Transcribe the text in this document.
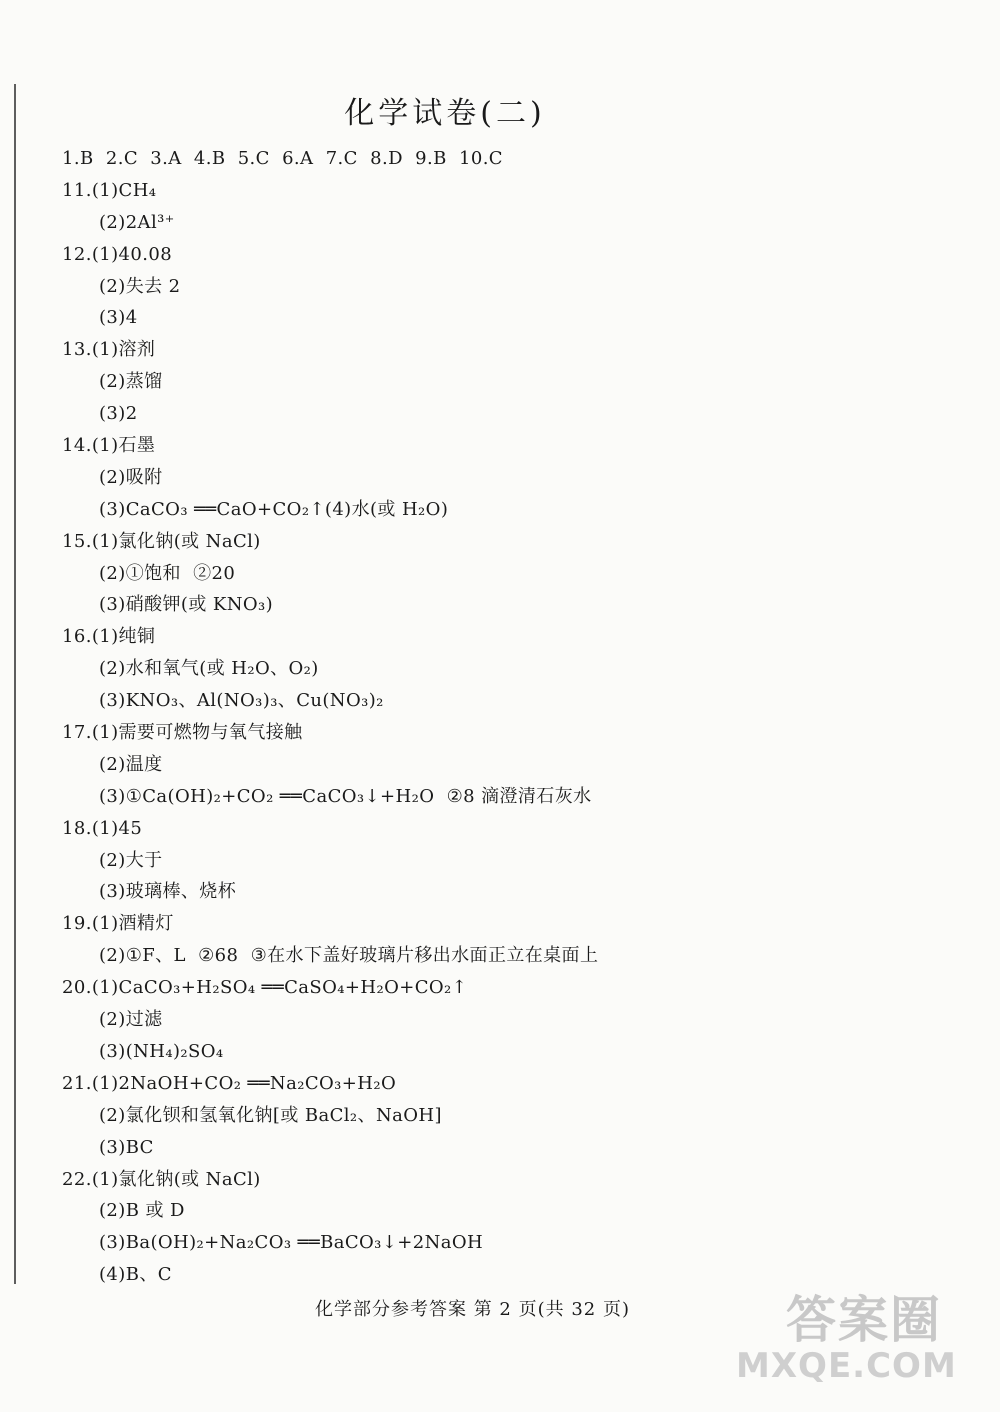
化学试卷(二)
1.B  2.C  3.A  4.B  5.C  6.A  7.C  8.D  9.B  10.C
11.(1)CH₄
(2)2Al³⁺
12.(1)40.08
(2)失去 2
(3)4
13.(1)溶剂
(2)蒸馏
(3)2
14.(1)石墨
(2)吸附
(3)CaCO₃ ══CaO+CO₂↑(4)水(或 H₂O)
15.(1)氯化钠(或 NaCl)
(2)①饱和  ②20
(3)硝酸钾(或 KNO₃)
16.(1)纯铜
(2)水和氧气(或 H₂O、O₂)
(3)KNO₃、Al(NO₃)₃、Cu(NO₃)₂
17.(1)需要可燃物与氧气接触
(2)温度
(3)①Ca(OH)₂+CO₂ ══CaCO₃↓+H₂O  ②8 滴澄清石灰水
18.(1)45
(2)大于
(3)玻璃棒、烧杯
19.(1)酒精灯
(2)①F、L  ②68  ③在水下盖好玻璃片移出水面正立在桌面上
20.(1)CaCO₃+H₂SO₄ ══CaSO₄+H₂O+CO₂↑
(2)过滤
(3)(NH₄)₂SO₄
21.(1)2NaOH+CO₂ ══Na₂CO₃+H₂O
(2)氯化钡和氢氧化钠[或 BaCl₂、NaOH]
(3)BC
22.(1)氯化钠(或 NaCl)
(2)B 或 D
(3)Ba(OH)₂+Na₂CO₃ ══BaCO₃↓+2NaOH
(4)B、C
化学部分参考答案 第 2 页(共 32 页)	答案圈
MXQE.COM
